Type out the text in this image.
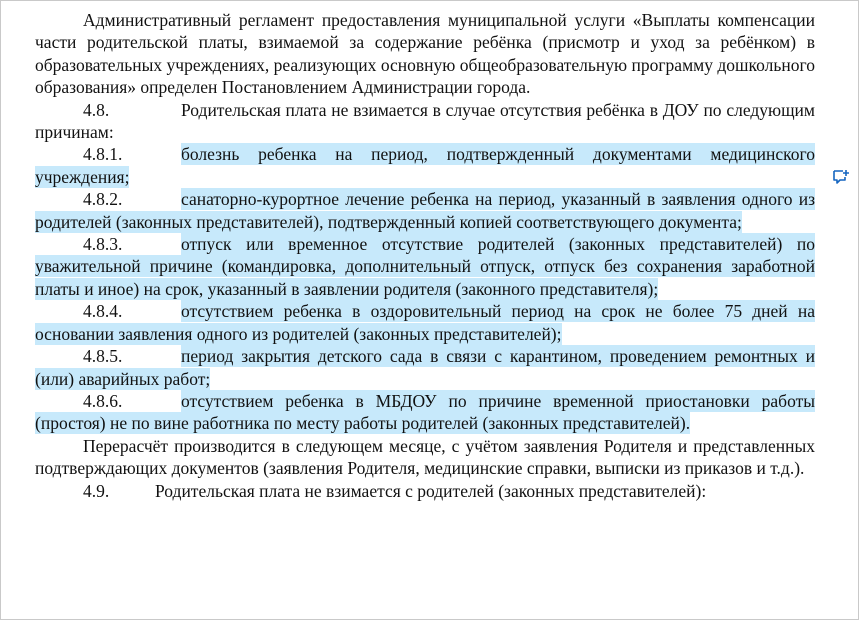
Административный регламент предоставления муниципальной услуги «Выплаты компенсации части родительской платы, взимаемой за содержание ребёнка (присмотр и уход за ребёнком) в образовательных учреждениях, реализующих основную общеобразовательную программу дошкольного образования» определен Постановлением Администрации города.

4.8.	Родительская плата не взимается в случае отсутствия ребёнка в ДОУ по следующим причинам:

4.8.1.	болезнь ребенка на период, подтвержденный документами медицинского учреждения;

4.8.2.	санаторно-курортное лечение ребенка на период, указанный в заявления одного из родителей (законных представителей), подтвержденный копией соответствующего документа;

4.8.3.	отпуск или временное отсутствие родителей (законных представителей) по уважительной причине (командировка, дополнительный отпуск, отпуск без сохранения заработной платы и иное) на срок, указанный в заявлении родителя (законного представителя);

4.8.4.	отсутствием ребенка в оздоровительный период на срок не более 75 дней на основании заявления одного из родителей (законных представителей);

4.8.5.	период закрытия детского сада в связи с карантином, проведением ремонтных и (или) аварийных работ;

4.8.6.	отсутствием ребенка в МБДОУ по причине временной приостановки работы (простоя) не по вине работника по месту работы родителей (законных представителей).

Перерасчёт производится в следующем месяце, с учётом заявления Родителя и представленных подтверждающих документов (заявления Родителя, медицинские справки, выписки из приказов и т.д.).

4.9.	Родительская плата не взимается с родителей (законных представителей):
